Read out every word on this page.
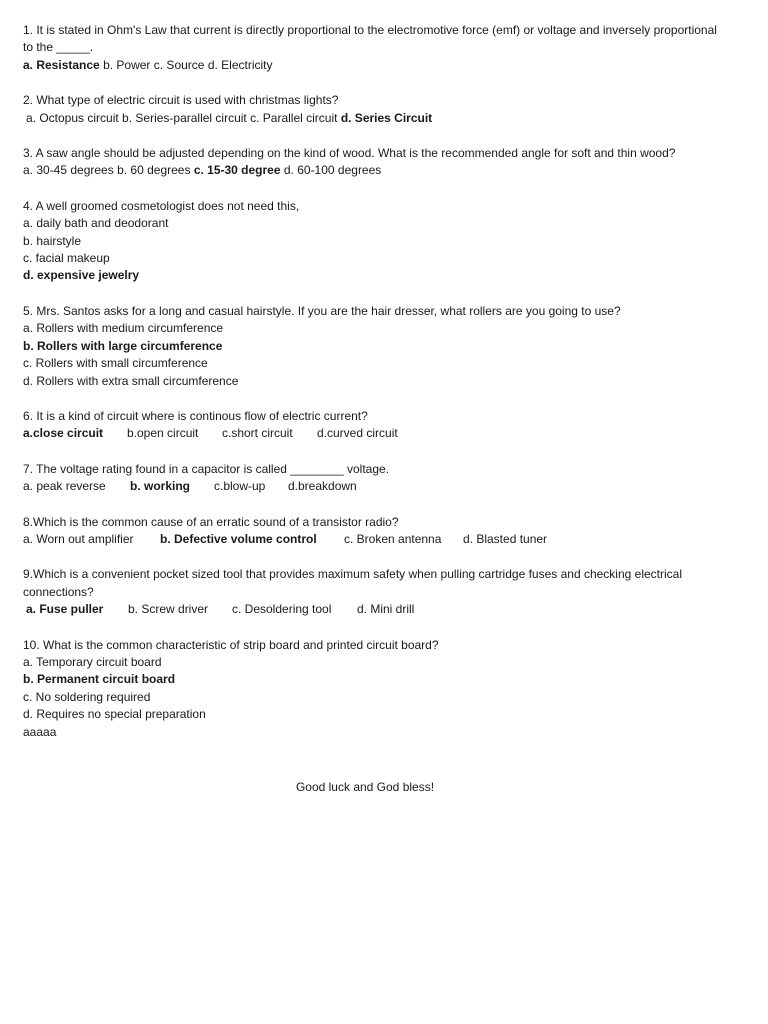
1. It is stated in Ohm's Law that current is directly proportional to the electromotive force (emf) or voltage and inversely proportional to the _____.
a. Resistance b. Power c. Source d. Electricity
2. What type of electric circuit is used with christmas lights?
a. Octopus circuit b. Series-parallel circuit c. Parallel circuit d. Series Circuit
3. A saw angle should be adjusted depending on the kind of wood. What is the recommended angle for soft and thin wood?
a. 30-45 degrees b. 60 degrees c. 15-30 degree d. 60-100 degrees
4. A well groomed cosmetologist does not need this,
a. daily bath and deodorant
b. hairstyle
c. facial makeup
d. expensive jewelry
5. Mrs. Santos asks for a long and casual hairstyle. If you are the hair dresser, what rollers are you going to use?
a. Rollers with medium circumference
b. Rollers with large circumference
c. Rollers with small circumference
d. Rollers with extra small circumference
6. It is a kind of circuit where is continous flow of electric current?
a.close circuit b.open circuit c.short circuit d.curved circuit
7. The voltage rating found in a capacitor is called ________ voltage.
a. peak reverse b. working c.blow-up d.breakdown
8.Which is the common cause of an erratic sound of a transistor radio?
a. Worn out amplifier b. Defective volume control c. Broken antenna d. Blasted tuner
9.Which is a convenient pocket sized tool that provides maximum safety when pulling cartridge fuses and checking electrical connections?
a. Fuse puller b. Screw driver c. Desoldering tool d. Mini drill
10. What is the common characteristic of strip board and printed circuit board?
a. Temporary circuit board
b. Permanent circuit board
c. No soldering required
d. Requires no special preparation
aaaaa
Good luck and God bless!
